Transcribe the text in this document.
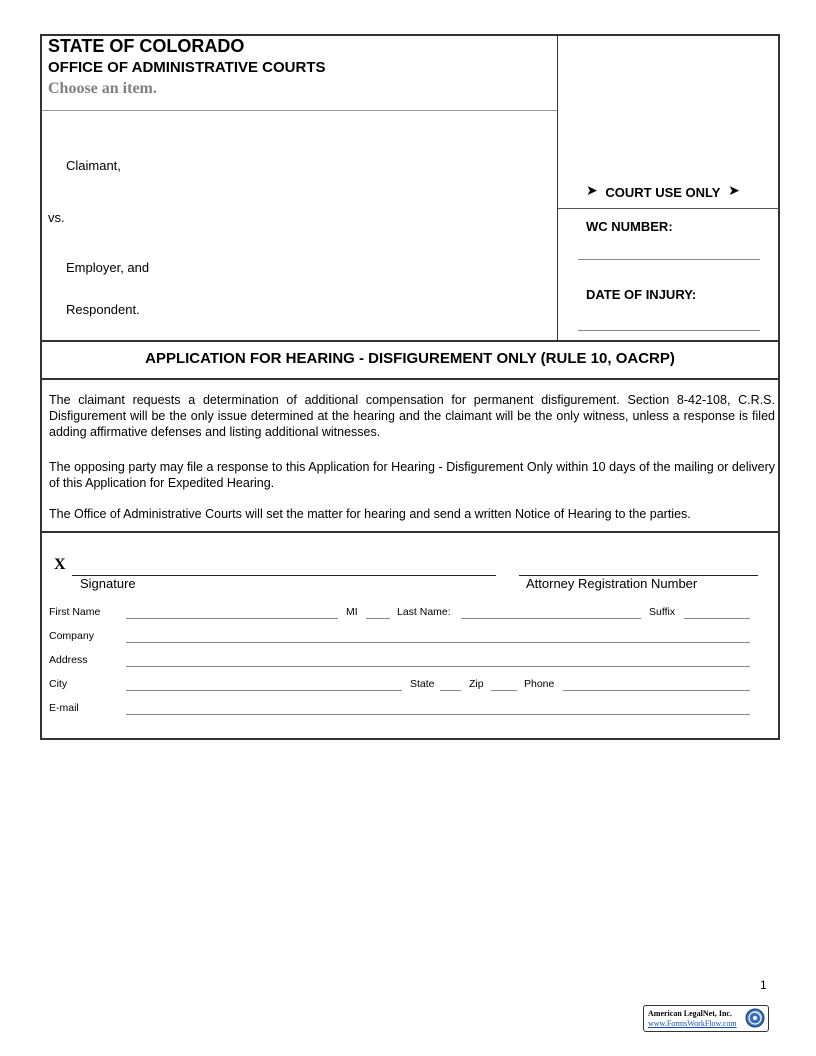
STATE OF COLORADO
OFFICE OF ADMINISTRATIVE COURTS
Choose an item.
Claimant,
vs.
Employer, and
Respondent.
➤ COURT USE ONLY ➤
WC NUMBER:
DATE OF INJURY:
APPLICATION FOR HEARING - DISFIGUREMENT ONLY (RULE 10, OACRP)
The claimant requests a determination of additional compensation for permanent disfigurement. Section 8-42-108, C.R.S. Disfigurement will be the only issue determined at the hearing and the claimant will be the only witness, unless a response is filed adding affirmative defenses and listing additional witnesses.
The opposing party may file a response to this Application for Hearing - Disfigurement Only within 10 days of the mailing or delivery of this Application for Expedited Hearing.
The Office of Administrative Courts will set the matter for hearing and send a written Notice of Hearing to the parties.
X
Signature	Attorney Registration Number
First Name	MI	Last Name:	Suffix
Company
Address
City	State	Zip	Phone
E-mail
1
American LegalNet, Inc.
www.FormsWorkFlow.com
